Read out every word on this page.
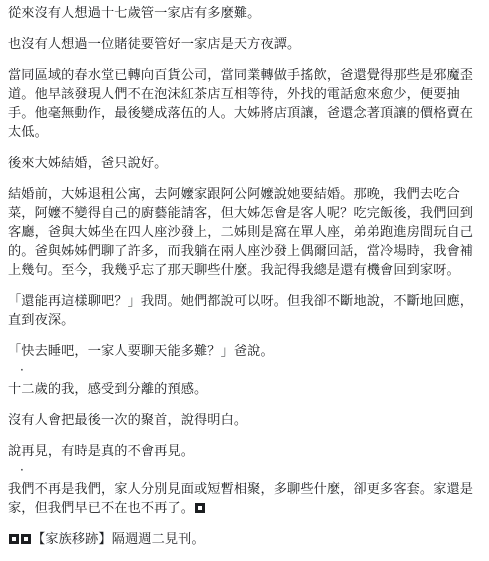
從來沒有人想過十七歲管一家店有多麼難。

也沒有人想過一位賭徒要管好一家店是天方夜譚。

當同區域的春水堂已轉向百貨公司，當同業轉做手搖飲，爸還覺得那些是邪魔歪道。他早該發現人們不在泡沫紅茶店互相等待，外找的電話愈來愈少，便要抽手。他毫無動作，最後變成落伍的人。大姊將店頂讓，爸還念著頂讓的價格賣在太低。

後來大姊結婚，爸只說好。

結婚前，大姊退租公寓，去阿嬤家跟阿公阿嬤說她要結婚。那晚，我們去吃合菜，阿嬤不變得自己的廚藝能請客，但大姊怎會是客人呢？吃完飯後，我們回到客廳，爸與大姊坐在四人座沙發上，二姊則是窩在單人座，弟弟跑進房間玩自己的。爸與姊姊們聊了許多，而我躺在兩人座沙發上偶爾回話，當冷場時，我會補上幾句。至今，我幾乎忘了那天聊些什麼。我記得我總是還有機會回到家呀。

「還能再這樣聊吧？」我問。她們都說可以呀。但我卻不斷地說，不斷地回應，直到夜深。

「快去睡吧，一家人要聊天能多難？」爸說。

·

十二歲的我，感受到分離的預感。

沒有人會把最後一次的聚首，說得明白。

說再見，有時是真的不會再見。

·

我們不再是我們，家人分別見面或短暫相聚，多聊些什麼，卻更多客套。家還是家，但我們早已不在也不再了。

【家族移跡】隔週週二見刊。
